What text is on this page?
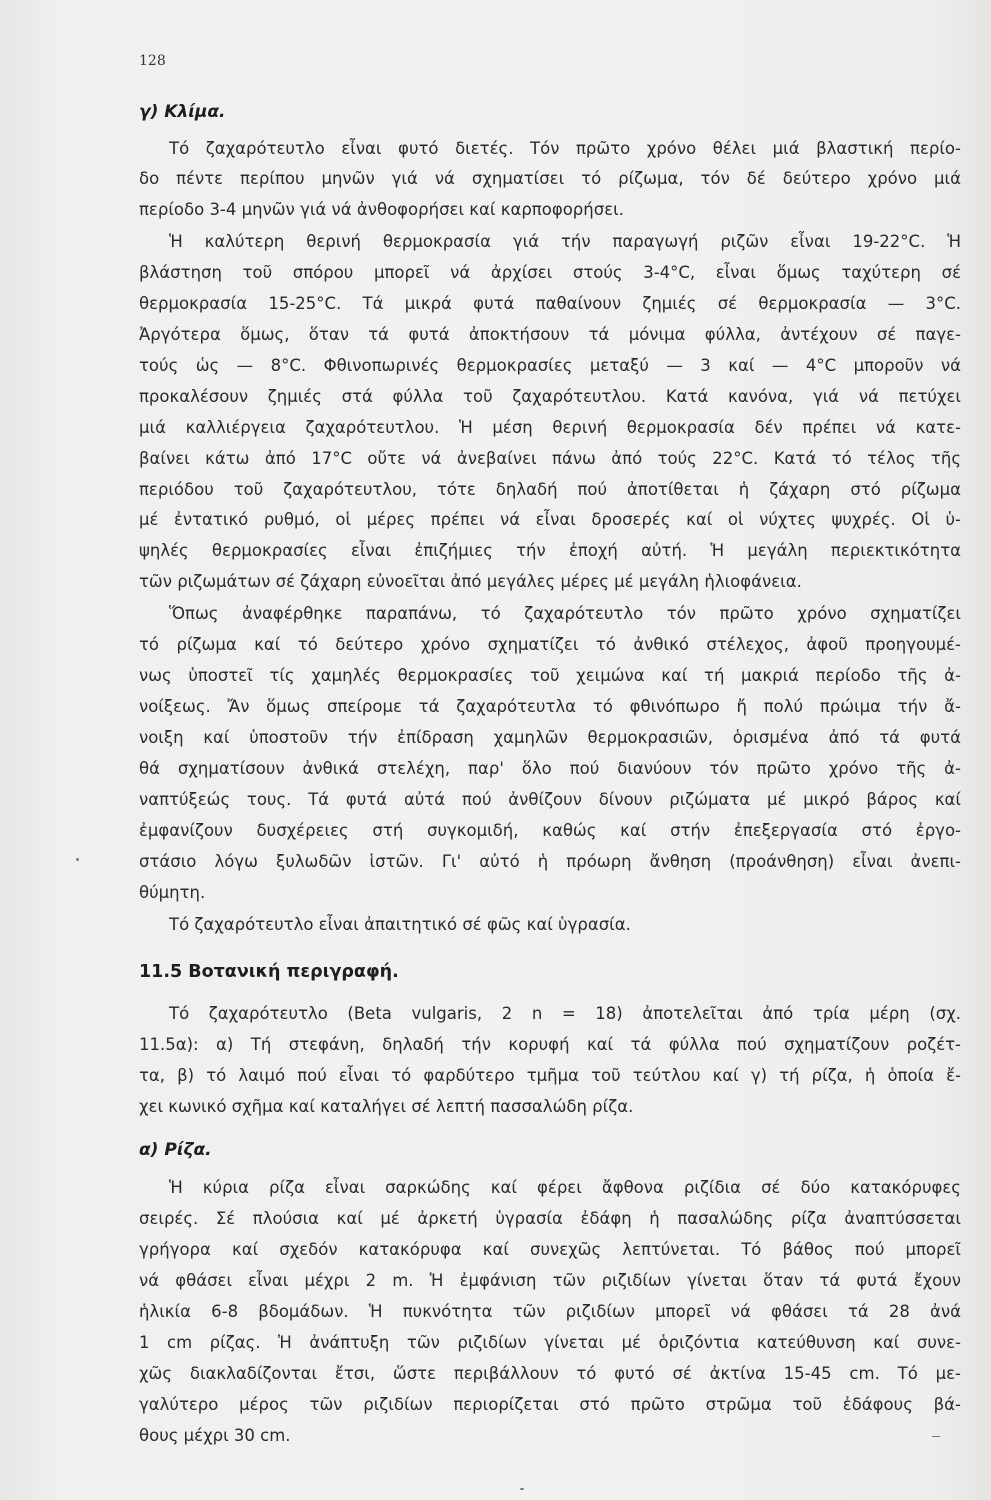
128
γ) Κλίμα.
Τό ζαχαρότευτλο εἶναι φυτό διετές. Τόν πρῶτο χρόνο θέλει μιά βλαστική περίο-
δο πέντε περίπου μηνῶν γιά νά σχηματίσει τό ρίζωμα, τόν δέ δεύτερο χρόνο μιά
περίοδο 3-4 μηνῶν γιά νά ἀνθοφορήσει καί καρποφορήσει.
Ἡ καλύτερη θερινή θερμοκρασία γιά τήν παραγωγή ριζῶν εἶναι 19-22°C. Ἡ
βλάστηση τοῦ σπόρου μπορεῖ νά ἀρχίσει στούς 3-4°C, εἶναι ὅμως ταχύτερη σέ
θερμοκρασία 15-25°C. Τά μικρά φυτά παθαίνουν ζημιές σέ θερμοκρασία — 3°C.
Ἀργότερα ὅμως, ὅταν τά φυτά ἀποκτήσουν τά μόνιμα φύλλα, ἀντέχουν σέ παγε-
τούς ὡς — 8°C. Φθινοπωρινές θερμοκρασίες μεταξύ — 3 καί — 4°C μποροῦν νά
προκαλέσουν ζημιές στά φύλλα τοῦ ζαχαρότευτλου. Κατά κανόνα, γιά νά πετύχει
μιά καλλιέργεια ζαχαρότευτλου. Ἡ μέση θερινή θερμοκρασία δέν πρέπει νά κατε-
βαίνει κάτω ἀπό 17°C οὔτε νά ἀνεβαίνει πάνω ἀπό τούς 22°C. Κατά τό τέλος τῆς
περιόδου τοῦ ζαχαρότευτλου, τότε δηλαδή πού ἀποτίθεται ἡ ζάχαρη στό ρίζωμα
μέ ἐντατικό ρυθμό, οἱ μέρες πρέπει νά εἶναι δροσερές καί οἱ νύχτες ψυχρές. Οἱ ὑ-
ψηλές θερμοκρασίες εἶναι ἐπιζήμιες τήν ἐποχή αὐτή. Ἡ μεγάλη περιεκτικότητα
τῶν ριζωμάτων σέ ζάχαρη εὐνοεῖται ἀπό μεγάλες μέρες μέ μεγάλη ἡλιοφάνεια.
Ὅπως ἀναφέρθηκε παραπάνω, τό ζαχαρότευτλο τόν πρῶτο χρόνο σχηματίζει
τό ρίζωμα καί τό δεύτερο χρόνο σχηματίζει τό ἀνθικό στέλεχος, ἀφοῦ προηγουμέ-
νως ὑποστεῖ τίς χαμηλές θερμοκρασίες τοῦ χειμώνα καί τή μακριά περίοδο τῆς ἀ-
νοίξεως. Ἄν ὅμως σπείρομε τά ζαχαρότευτλα τό φθινόπωρο ἤ πολύ πρώιμα τήν ἄ-
νοιξη καί ὑποστοῦν τήν ἐπίδραση χαμηλῶν θερμοκρασιῶν, ὁρισμένα ἀπό τά φυτά
θά σχηματίσουν ἀνθικά στελέχη, παρ' ὅλο πού διανύουν τόν πρῶτο χρόνο τῆς ἀ-
ναπτύξεώς τους. Τά φυτά αὐτά πού ἀνθίζουν δίνουν ριζώματα μέ μικρό βάρος καί
ἐμφανίζουν δυσχέρειες στή συγκομιδή, καθώς καί στήν ἐπεξεργασία στό ἐργο-
στάσιο λόγω ξυλωδῶν ἱστῶν. Γι' αὐτό ἡ πρόωρη ἄνθηση (προάνθηση) εἶναι ἀνεπι-
θύμητη.
Τό ζαχαρότευτλο εἶναι ἀπαιτητικό σέ φῶς καί ὑγρασία.
11.5 Βοτανική περιγραφή.
Τό ζαχαρότευτλο (Beta vulgaris, 2 n = 18) ἀποτελεῖται ἀπό τρία μέρη (σχ.
11.5α): α) Τή στεφάνη, δηλαδή τήν κορυφή καί τά φύλλα πού σχηματίζουν ροζέτ-
τα, β) τό λαιμό πού εἶναι τό φαρδύτερο τμῆμα τοῦ τεύτλου καί γ) τή ρίζα, ἡ ὁποία ἔ-
χει κωνικό σχῆμα καί καταλήγει σέ λεπτή πασσαλώδη ρίζα.
α) Ρίζα.
Ἡ κύρια ρίζα εἶναι σαρκώδης καί φέρει ἄφθονα ριζίδια σέ δύο κατακόρυφες
σειρές. Σέ πλούσια καί μέ ἀρκετή ὑγρασία ἐδάφη ἡ πασαλώδης ρίζα ἀναπτύσσεται
γρήγορα καί σχεδόν κατακόρυφα καί συνεχῶς λεπτύνεται. Τό βάθος πού μπορεῖ
νά φθάσει εἶναι μέχρι 2 m. Ἡ ἐμφάνιση τῶν ριζιδίων γίνεται ὅταν τά φυτά ἔχουν
ἡλικία 6-8 βδομάδων. Ἡ πυκνότητα τῶν ριζιδίων μπορεῖ νά φθάσει τά 28 ἀνά
1 cm ρίζας. Ἡ ἀνάπτυξη τῶν ριζιδίων γίνεται μέ ὁριζόντια κατεύθυνση καί συνε-
χῶς διακλαδίζονται ἔτσι, ὥστε περιβάλλουν τό φυτό σέ ἀκτίνα 15-45 cm. Τό με-
γαλύτερο μέρος τῶν ριζιδίων περιορίζεται στό πρῶτο στρῶμα τοῦ ἐδάφους βά-
θους μέχρι 30 cm.
